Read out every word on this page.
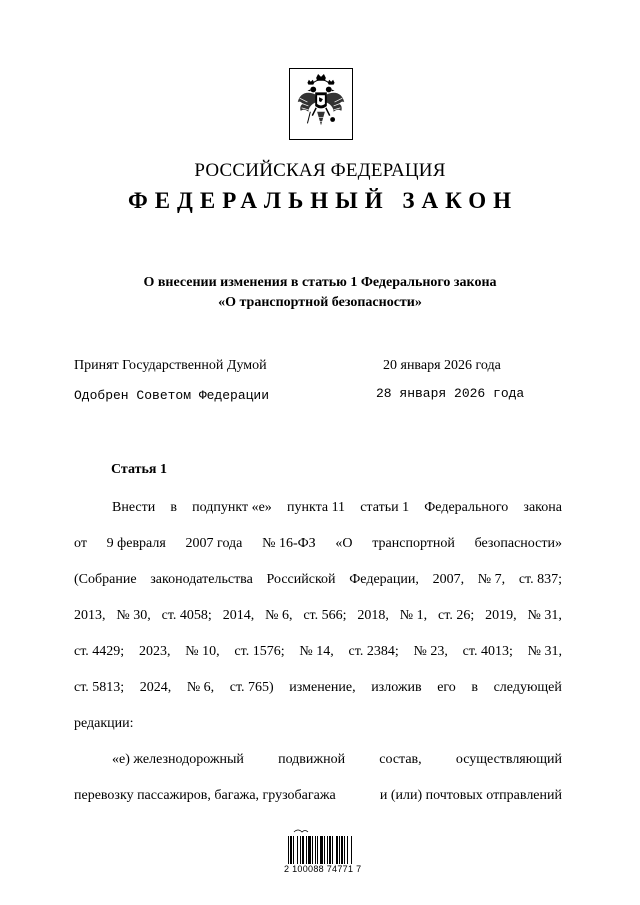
РОССИЙСКАЯ ФЕДЕРАЦИЯ
ФЕДЕРАЛЬНЫЙ ЗАКОН
О внесении изменения в статью 1 Федерального закона
«О транспортной безопасности»
Принят Государственной Думой	20 января 2026 года
Одобрен Советом Федерации	28 января 2026 года
Статья 1
Внести в подпункт «е» пункта 11 статьи 1 Федерального закона
от 9 февраля 2007 года № 16-ФЗ «О транспортной безопасности»
(Собрание законодательства Российской Федерации, 2007, № 7, ст. 837;
2013, № 30, ст. 4058; 2014, № 6, ст. 566; 2018, № 1, ст. 26; 2019, № 31,
ст. 4429; 2023, № 10, ст. 1576; № 14, ст. 2384; № 23, ст. 4013; № 31,
ст. 5813; 2024, № 6, ст. 765) изменение, изложив его в следующей
редакции:
«е) железнодорожный подвижной состав, осуществляющий
перевозку пассажиров, багажа, грузобагажа	и (или) почтовых отправлений
2 100088 74771 7
